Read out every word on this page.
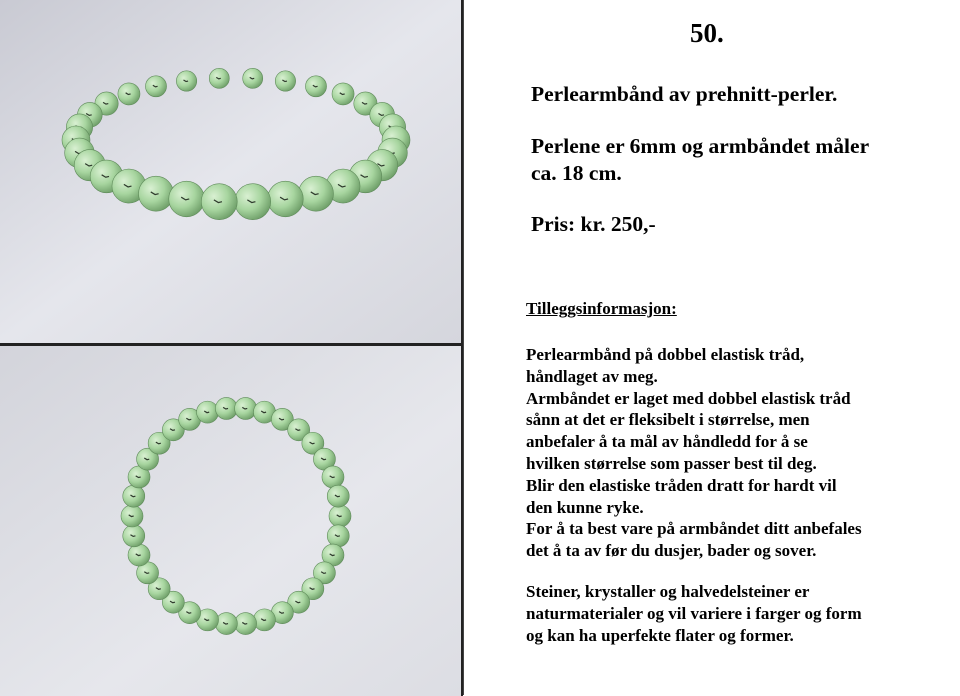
50.
Perlearmbånd av prehnitt-perler.
Perlene er 6mm og armbåndet måler
ca. 18 cm.
Pris: kr. 250,-
Tilleggsinformasjon:

Perlearmbånd på dobbel elastisk tråd,

håndlaget av meg.

Armbåndet er laget med dobbel elastisk tråd

sånn at det er fleksibelt i størrelse, men

anbefaler å ta mål av håndledd for å se

hvilken størrelse som passer best til deg.

Blir den elastiske tråden dratt for hardt vil

den kunne ryke.

For å ta best vare på armbåndet ditt anbefales

det å ta av før du dusjer, bader og sover.

Steiner, krystaller og halvedelsteiner er

naturmaterialer og vil variere i farger og form

og kan ha uperfekte flater og former.
